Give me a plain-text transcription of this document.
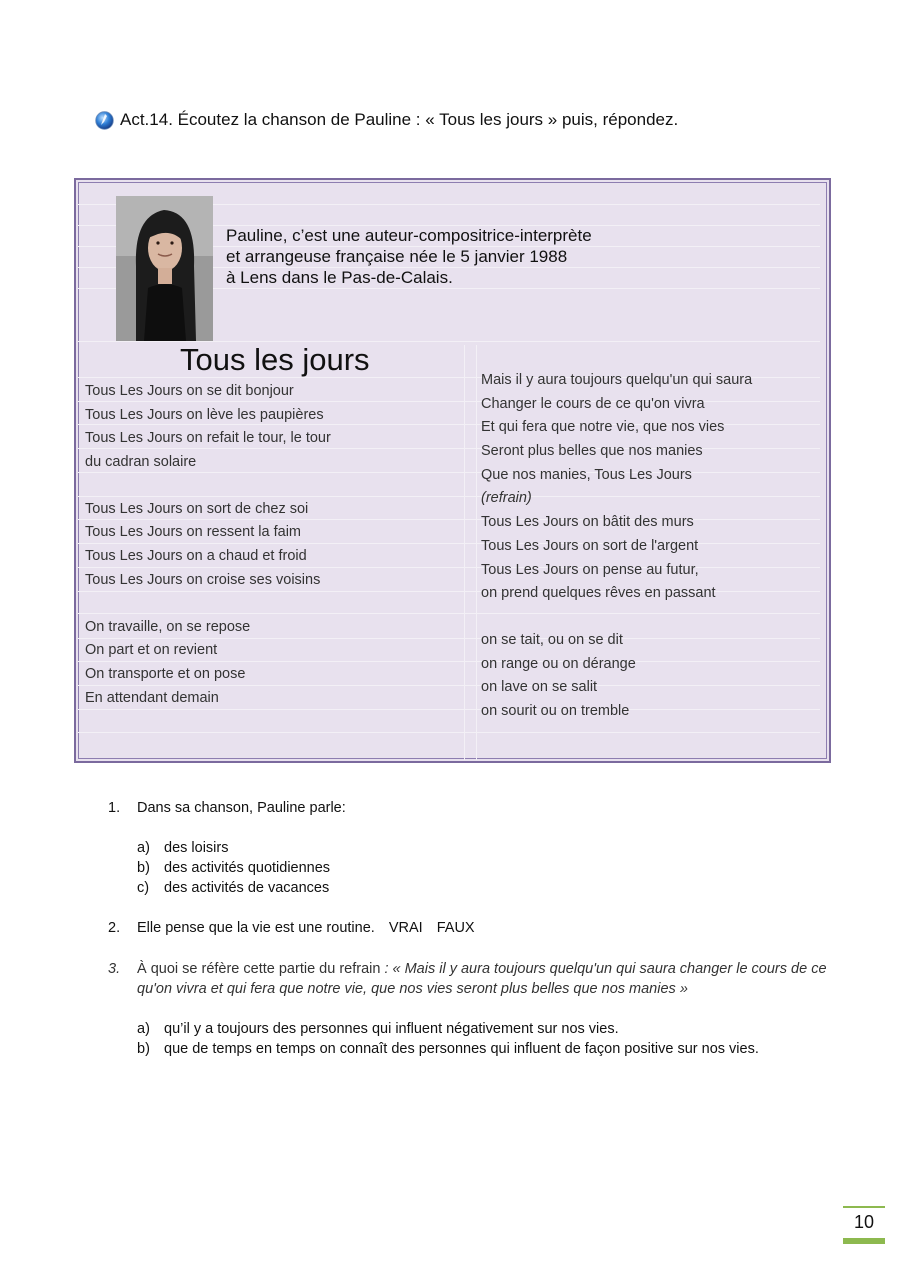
Act.14. Écoutez la chanson de Pauline : « Tous les jours » puis, répondez.
Pauline, c’est une auteur-compositrice-interprète
et arrangeuse française née le 5 janvier 1988
à Lens dans le Pas-de-Calais.
Tous les jours
Tous Les Jours on se dit bonjour
Tous Les Jours on lève les paupières
Tous Les Jours on refait le tour, le tour
du cadran solaire
Tous Les Jours on sort de chez soi
Tous Les Jours on ressent la faim
Tous Les Jours on a chaud et froid
Tous Les Jours on croise ses voisins
On travaille, on se repose
On part et on revient
On transporte et on pose
En attendant demain
Mais il y aura toujours quelqu'un qui saura
Changer le cours de ce qu'on vivra
Et qui fera que notre vie, que nos vies
Seront plus belles que nos manies
Que nos manies, Tous Les Jours
(refrain)
Tous Les Jours on bâtit des murs
Tous Les Jours on sort de l'argent
Tous Les Jours on pense au futur,
on prend quelques rêves en passant
on se tait, ou on se dit
on range ou on dérange
on lave on se salit
on sourit ou on tremble
1. Dans sa chanson, Pauline parle:
a) des loisirs
b) des activités quotidiennes
c) des activités de vacances
2. Elle pense que la vie est une routine. VRAI FAUX
3. À quoi se réfère cette partie du refrain : « Mais il y aura toujours quelqu'un qui saura changer le cours de ce qu'on vivra et qui fera que notre vie, que nos vies seront plus belles que nos manies »
a) qu’il y a toujours des personnes qui influent négativement sur nos vies.
b) que de temps en temps on connaît des personnes qui influent de façon positive sur nos vies.
10
